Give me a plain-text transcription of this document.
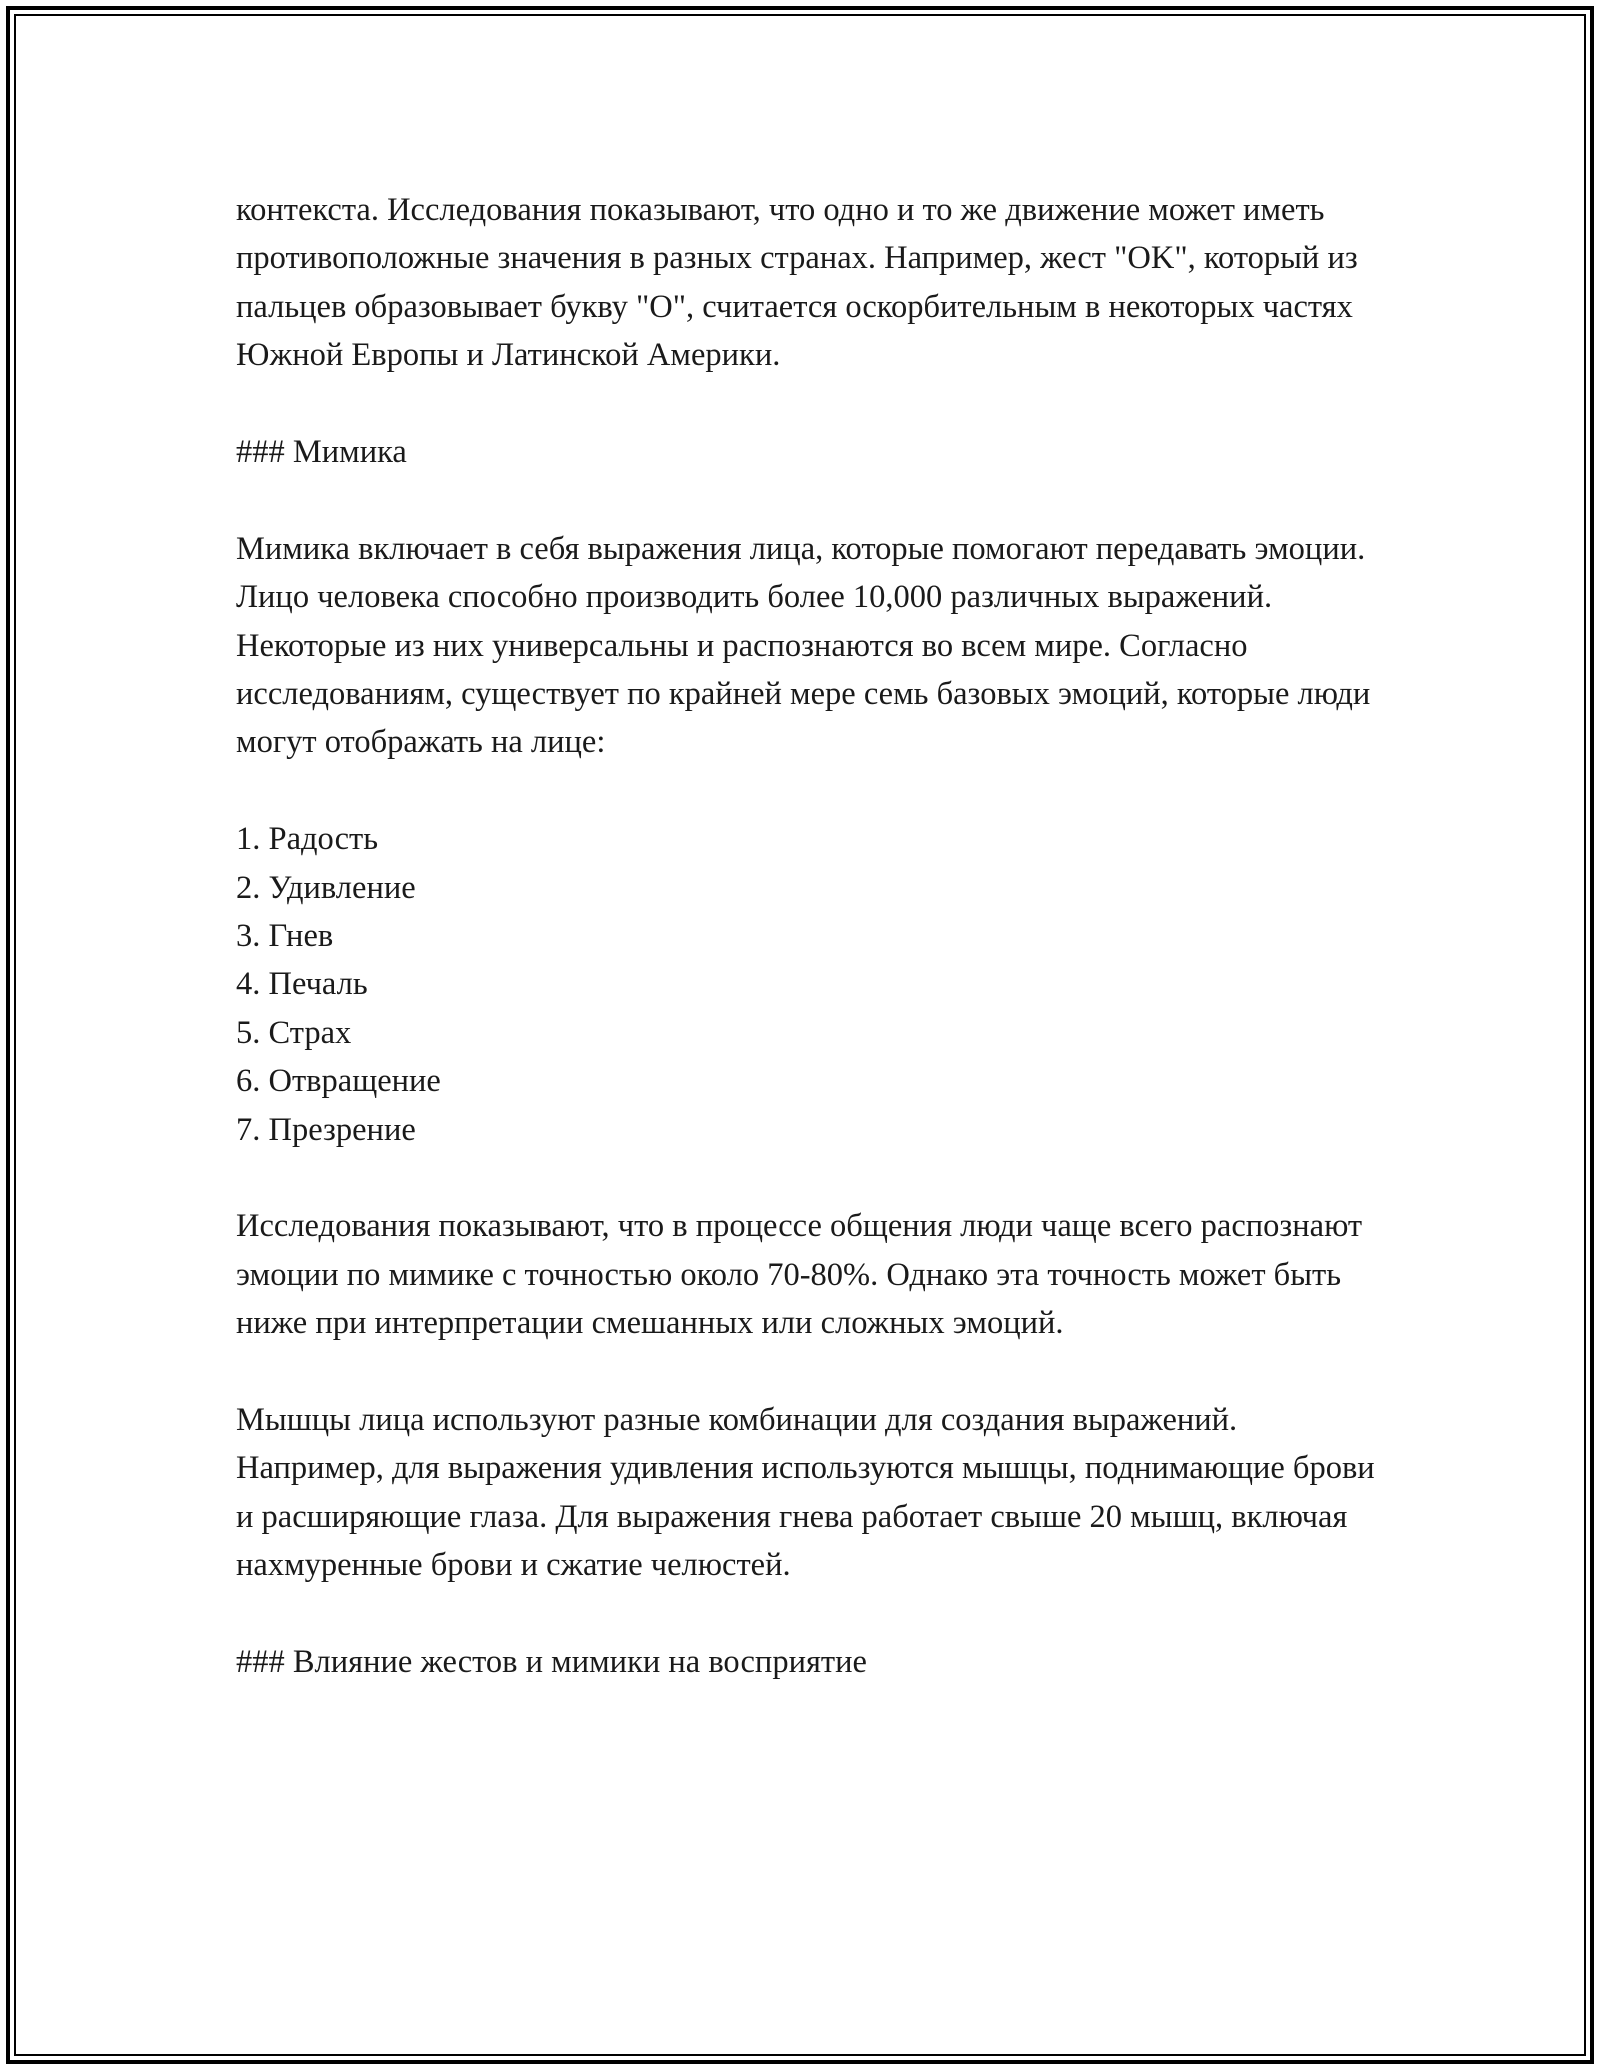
контекста. Исследования показывают, что одно и то же движение может иметь противоположные значения в разных странах. Например, жест "OK", который из пальцев образовывает букву "O", считается оскорбительным в некоторых частях Южной Европы и Латинской Америки.

### Мимика

Мимика включает в себя выражения лица, которые помогают передавать эмоции. Лицо человека способно производить более 10,000 различных выражений. Некоторые из них универсальны и распознаются во всем мире. Согласно исследованиям, существует по крайней мере семь базовых эмоций, которые люди могут отображать на лице:

1. Радость
2. Удивление
3. Гнев
4. Печаль
5. Страх
6. Отвращение
7. Презрение

Исследования показывают, что в процессе общения люди чаще всего распознают эмоции по мимике с точностью около 70-80%. Однако эта точность может быть ниже при интерпретации смешанных или сложных эмоций.

Мышцы лица используют разные комбинации для создания выражений. Например, для выражения удивления используются мышцы, поднимающие брови и расширяющие глаза. Для выражения гнева работает свыше 20 мышц, включая нахмуренные брови и сжатие челюстей.

### Влияние жестов и мимики на восприятие
